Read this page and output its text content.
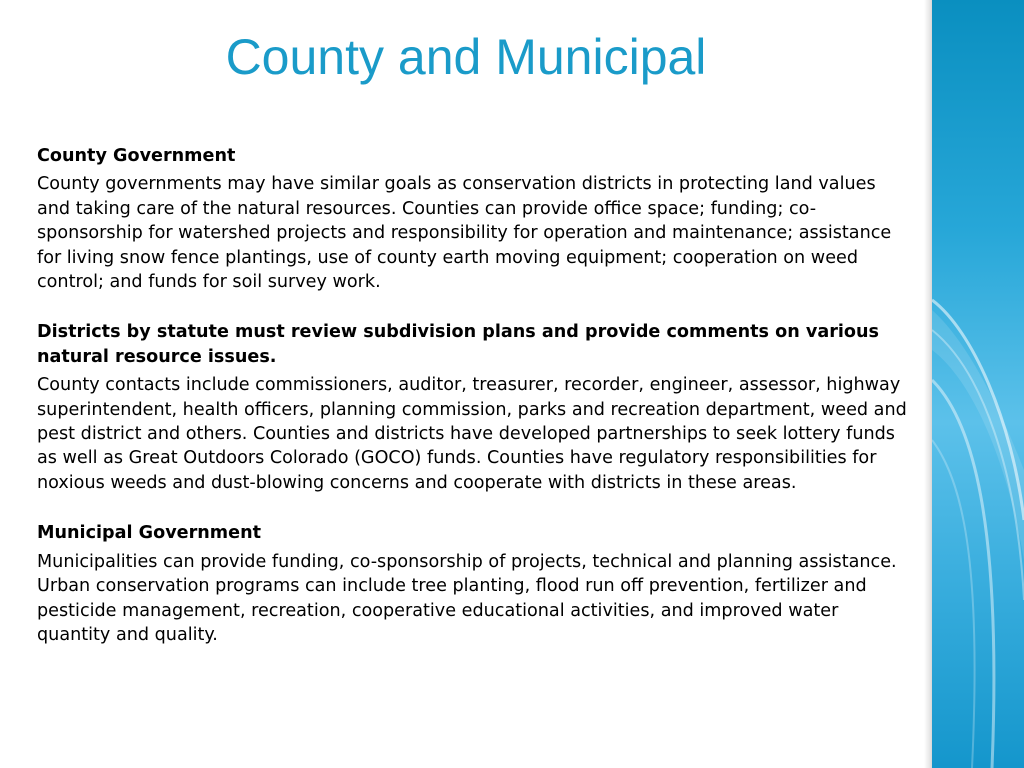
County and Municipal

County Government

County governments may have similar goals as conservation districts in protecting land values and taking care of the natural resources. Counties can provide office space; funding; co-sponsorship for watershed projects and responsibility for operation and maintenance; assistance for living snow fence plantings, use of county earth moving equipment; cooperation on weed control; and funds for soil survey work.

Districts by statute must review subdivision plans and provide comments on various natural resource issues.

County contacts include commissioners, auditor, treasurer, recorder, engineer, assessor, highway superintendent, health officers, planning commission, parks and recreation department, weed and pest district and others. Counties and districts have developed partnerships to seek lottery funds as well as Great Outdoors Colorado (GOCO) funds. Counties have regulatory responsibilities for noxious weeds and dust-blowing concerns and cooperate with districts in these areas.

Municipal Government

Municipalities can provide funding, co-sponsorship of projects, technical and planning assistance. Urban conservation programs can include tree planting, flood run off prevention, fertilizer and pesticide management, recreation, cooperative educational activities, and improved water quantity and quality.
